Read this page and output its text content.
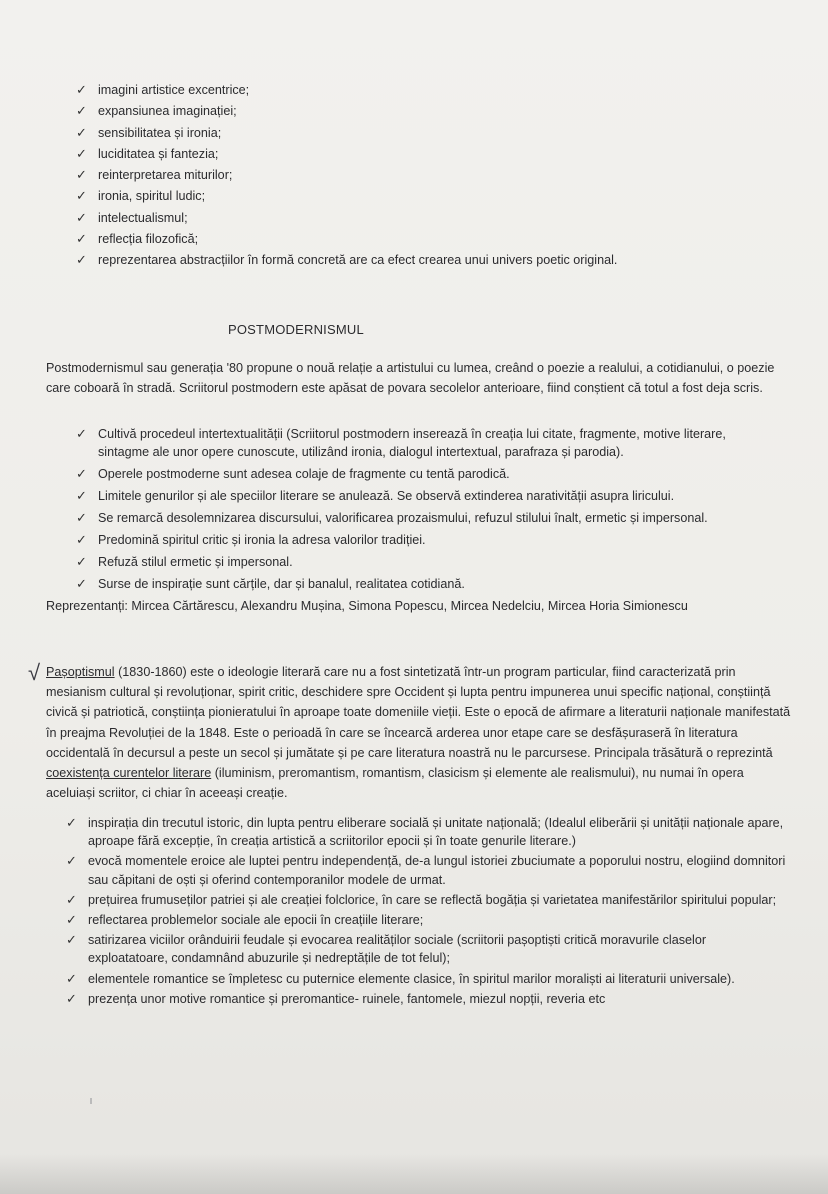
✓ imagini artistice excentrice;
✓ expansiunea imaginației;
✓ sensibilitatea și ironia;
✓ luciditatea și fantezia;
✓ reinterpretarea miturilor;
✓ ironia, spiritul ludic;
✓ intelectualismul;
✓ reflecția filozofică;
✓ reprezentarea abstracțiilor în formă concretă are ca efect crearea unui univers poetic original.
POSTMODERNISMUL

Postmodernismul sau generația '80 propune o nouă relație a artistului cu lumea, creând o poezie a realului, a cotidianului, o poezie care coboară în stradă. Scriitorul postmodern este apăsat de povara secolelor anterioare, fiind conștient că totul a fost deja scris.

✓ Cultivă procedeul intertextualității (Scriitorul postmodern inserează în creația lui citate, fragmente, motive literare, sintagme ale unor opere cunoscute, utilizând ironia, dialogul intertextual, parafraza și parodia).
✓ Operele postmoderne sunt adesea colaje de fragmente cu tentă parodică.
✓ Limitele genurilor și ale speciilor literare se anulează. Se observă extinderea narativității asupra liricului.
✓ Se remarcă desolemnizarea discursului, valorificarea prozaismului, refuzul stilului înalt, ermetic și impersonal.
✓ Predomină spiritul critic și ironia la adresa valorilor tradiției.
✓ Refuză stilul ermetic și impersonal.
✓ Surse de inspirație sunt cărțile, dar și banalul, realitatea cotidiană.

Reprezentanți: Mircea Cărtărescu, Alexandru Mușina, Simona Popescu, Mircea Nedelciu, Mircea Horia Simionescu

√ Pașoptismul (1830-1860) este o ideologie literară care nu a fost sintetizată într-un program particular, fiind caracterizată prin mesianism cultural și revoluționar, spirit critic, deschidere spre Occident și lupta pentru impunerea unui specific național, conștiință civică și patriotică, conștiința pionieratului în aproape toate domeniile vieții. Este o epocă de afirmare a literaturii naționale manifestată în preajma Revoluției de la 1848. Este o perioadă în care se încearcă arderea unor etape care se desfășuraseră în literatura occidentală în decursul a peste un secol și jumătate și pe care literatura noastră nu le parcursese. Principala trăsătură o reprezintă coexistența curentelor literare (iluminism, preromantism, romantism, clasicism și elemente ale realismului), nu numai în opera aceluiași scriitor, ci chiar în aceeași creație.

✓ inspirația din trecutul istoric, din lupta pentru eliberare socială și unitate națională; (Idealul eliberării și unității naționale apare, aproape fără excepție, în creația artistică a scriitorilor epocii și în toate genurile literare.)
✓ evocă momentele eroice ale luptei pentru independență, de-a lungul istoriei zbuciumate a poporului nostru, elogiind domnitori sau căpitani de oști și oferind contemporanilor modele de urmat.
✓ prețuirea frumuseților patriei și ale creației folclorice, în care se reflectă bogăția și varietatea manifestărilor spiritului popular;
✓ reflectarea problemelor sociale ale epocii în creațiile literare;
✓ satirizarea viciilor orânduirii feudale și evocarea realităților sociale (scriitorii pașoptiști critică moravurile claselor exploatatoare, condamnând abuzurile și nedreptățile de tot felul);
✓ elementele romantice se împletesc cu puternice elemente clasice, în spiritul marilor moraliști ai literaturii universale).
✓ prezența unor motive romantice și preromantice- ruinele, fantomele, miezul nopții, reveria etc
